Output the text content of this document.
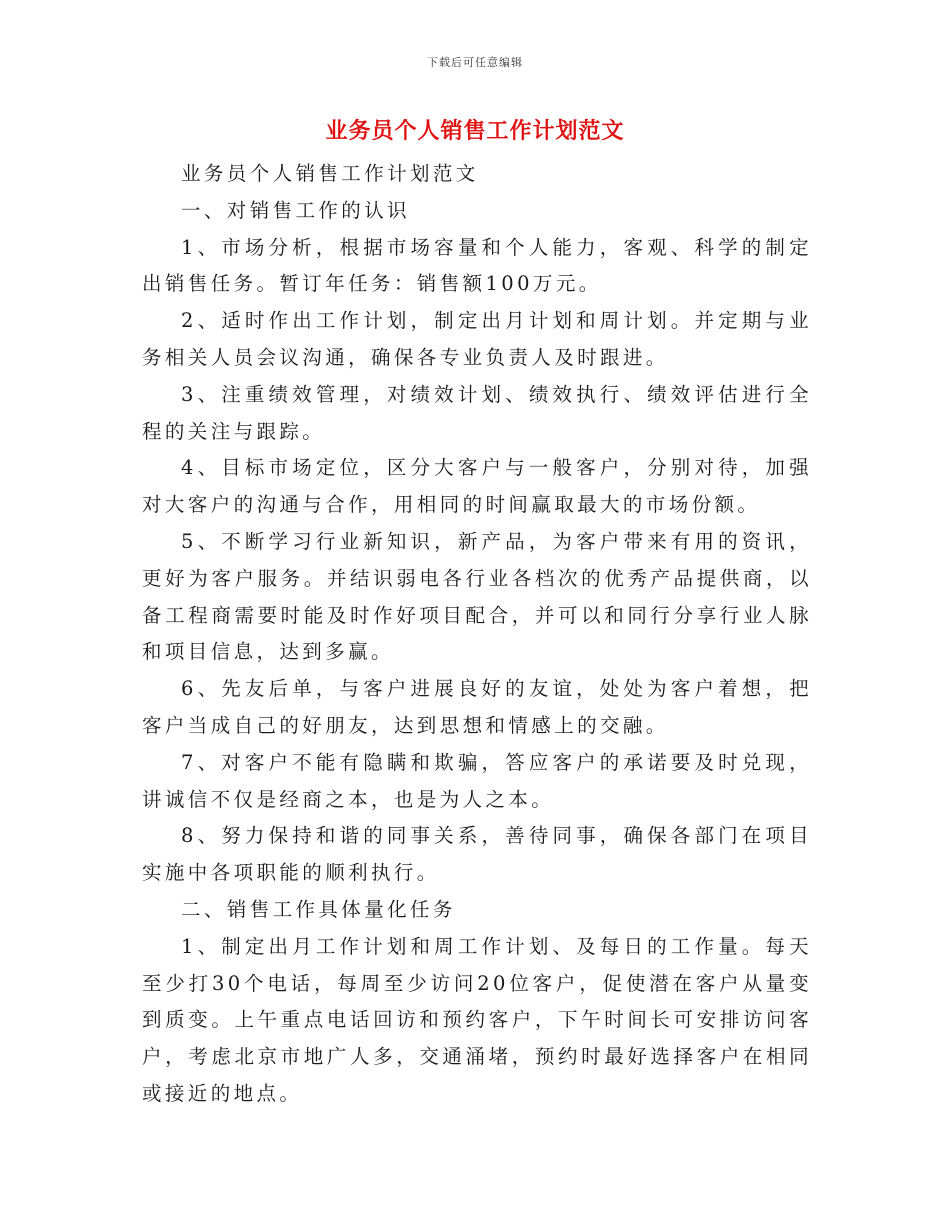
下载后可任意编辑
业务员个人销售工作计划范文

业务员个人销售工作计划范文

一、对销售工作的认识

1、市场分析，根据市场容量和个人能力，客观、科学的制定出销售任务。暂订年任务：销售额100万元。

2、适时作出工作计划，制定出月计划和周计划。并定期与业务相关人员会议沟通，确保各专业负责人及时跟进。

3、注重绩效管理，对绩效计划、绩效执行、绩效评估进行全程的关注与跟踪。

4、目标市场定位，区分大客户与一般客户，分别对待，加强对大客户的沟通与合作，用相同的时间赢取最大的市场份额。

5、不断学习行业新知识，新产品，为客户带来有用的资讯，更好为客户服务。并结识弱电各行业各档次的优秀产品提供商，以备工程商需要时能及时作好项目配合，并可以和同行分享行业人脉和项目信息，达到多赢。

6、先友后单，与客户进展良好的友谊，处处为客户着想，把客户当成自己的好朋友，达到思想和情感上的交融。

7、对客户不能有隐瞒和欺骗，答应客户的承诺要及时兑现，讲诚信不仅是经商之本，也是为人之本。

8、努力保持和谐的同事关系，善待同事，确保各部门在项目实施中各项职能的顺利执行。

二、销售工作具体量化任务

1、制定出月工作计划和周工作计划、及每日的工作量。每天至少打30个电话，每周至少访问20位客户，促使潜在客户从量变到质变。上午重点电话回访和预约客户，下午时间长可安排访问客户，考虑北京市地广人多，交通涌堵，预约时最好选择客户在相同或接近的地点。
